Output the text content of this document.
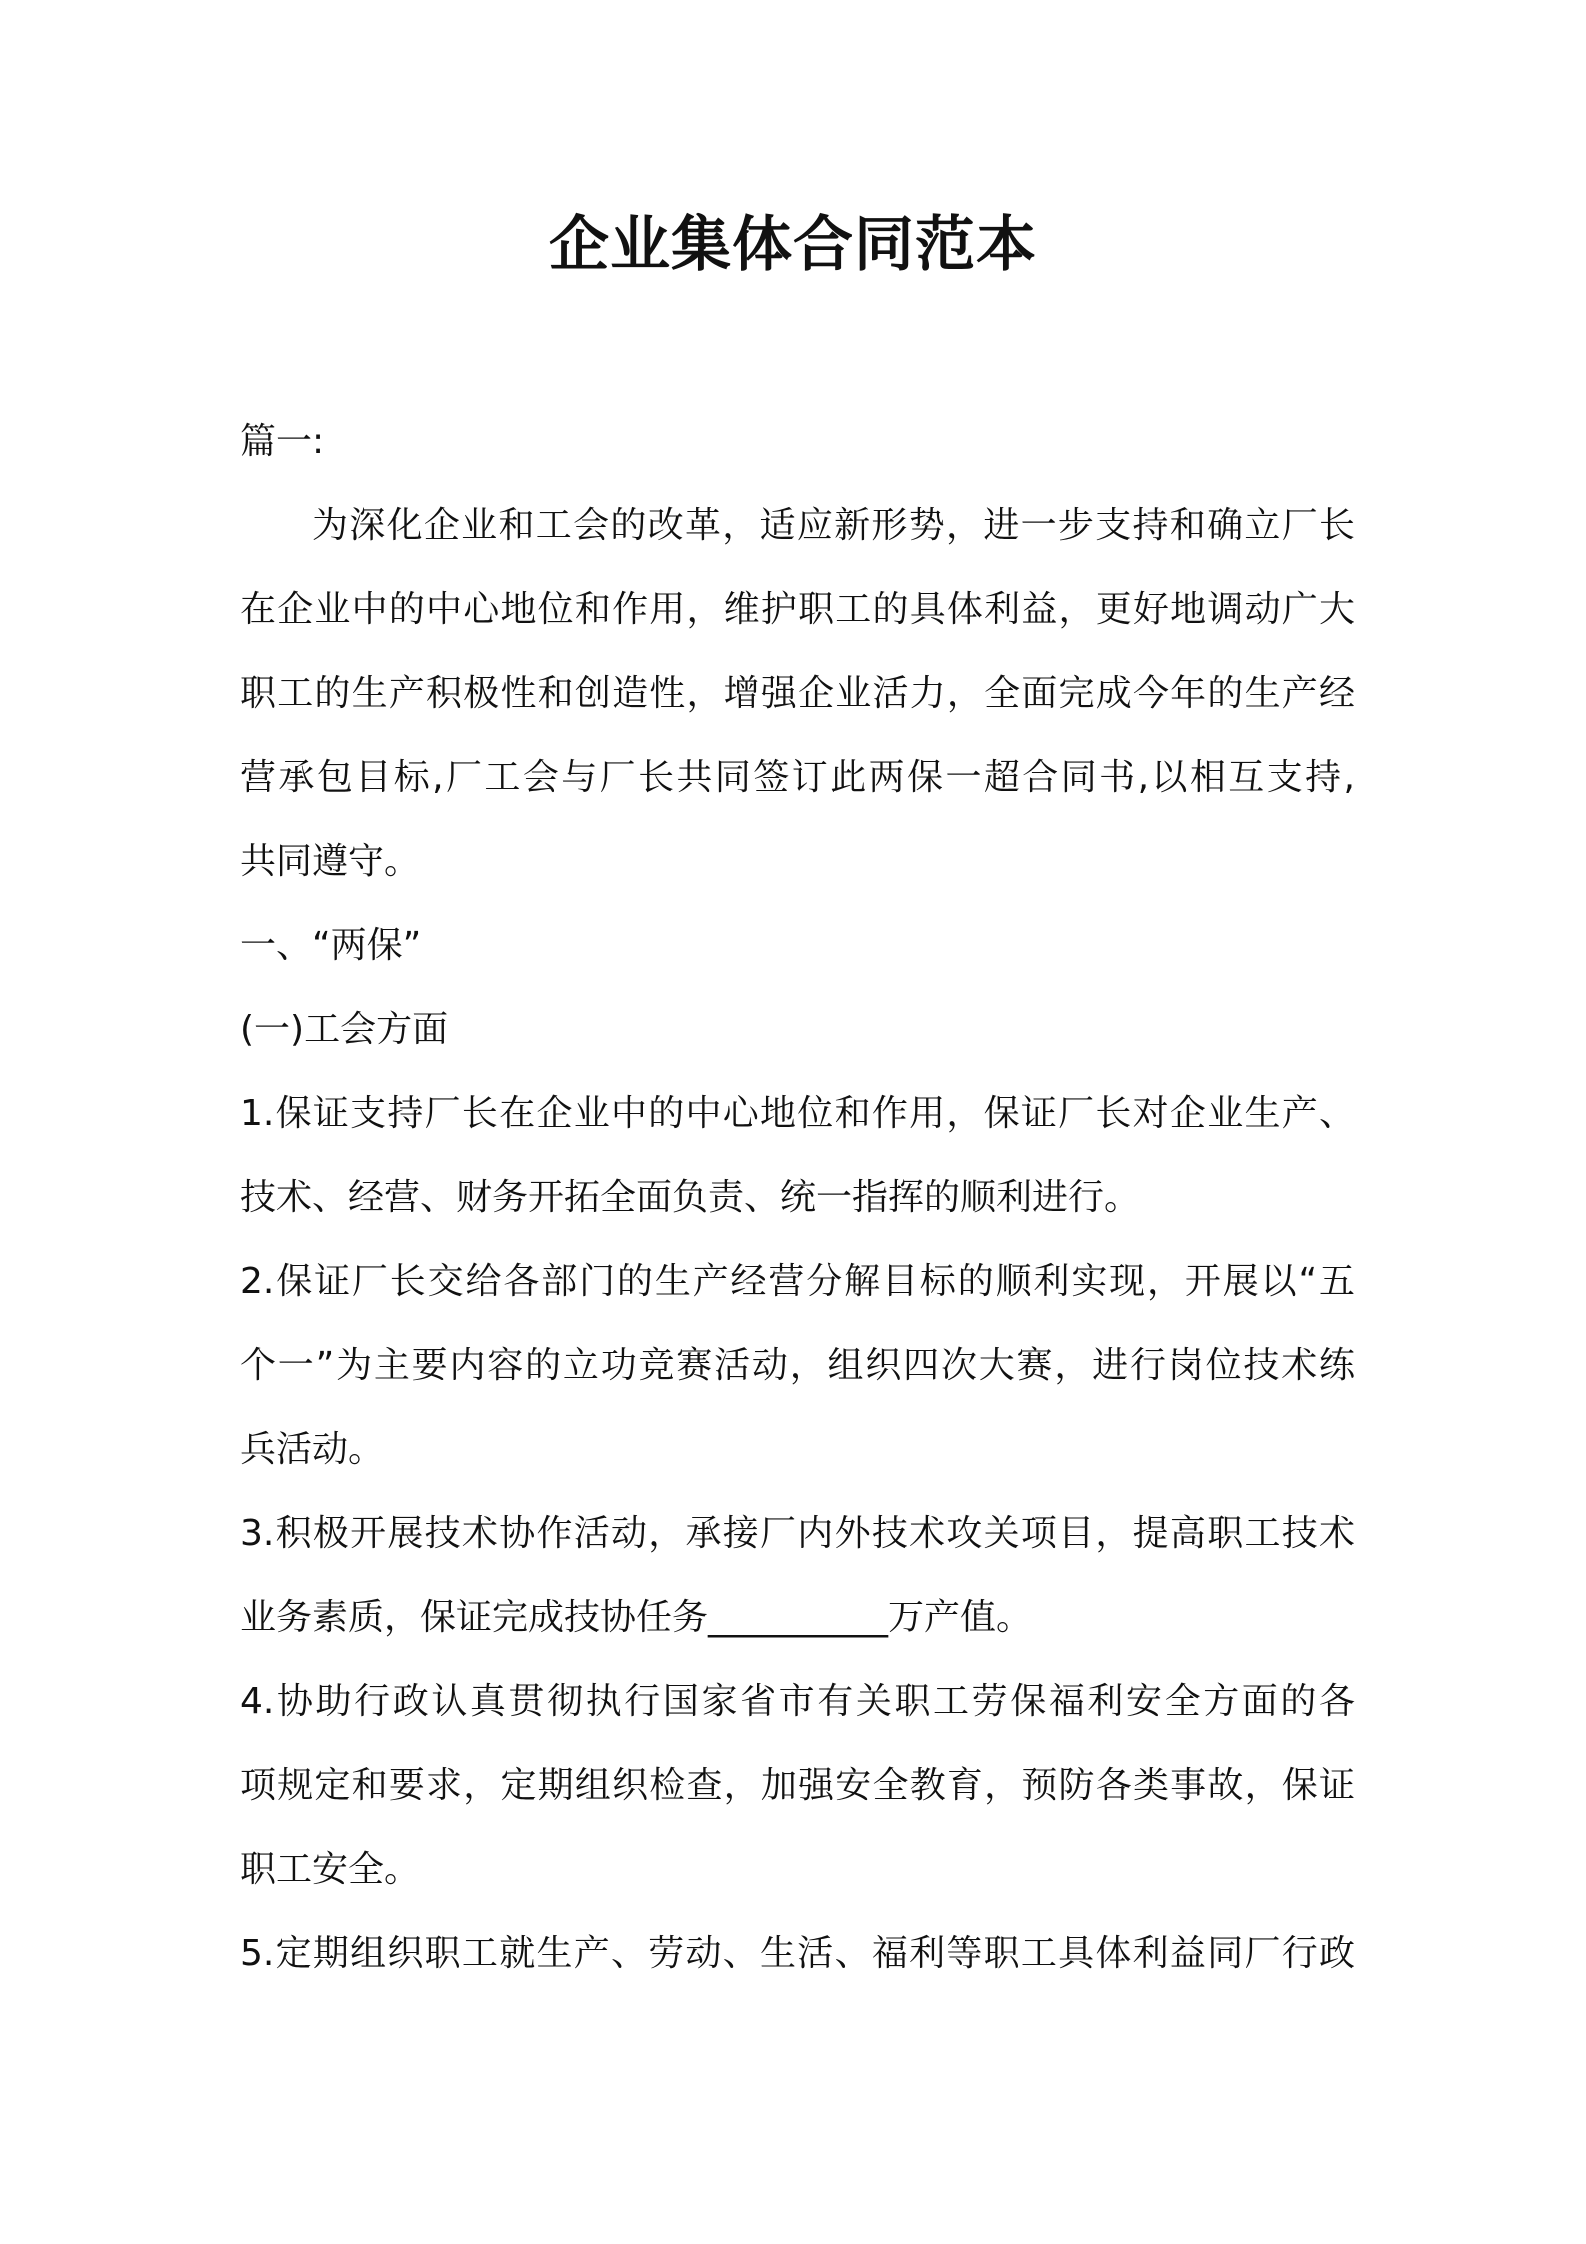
企业集体合同范本
篇一:
为深化企业和工会的改革，适应新形势，进一步支持和确立厂长
在企业中的中心地位和作用，维护职工的具体利益，更好地调动广大
职工的生产积极性和创造性，增强企业活力，全面完成今年的生产经
营承包目标,厂工会与厂长共同签订此两保一超合同书,以相互支持,
共同遵守。
一、“两保”
(一)工会方面
1.保证支持厂长在企业中的中心地位和作用，保证厂长对企业生产、
技术、经营、财务开拓全面负责、统一指挥的顺利进行。
2.保证厂长交给各部门的生产经营分解目标的顺利实现，开展以“五
个一”为主要内容的立功竞赛活动，组织四次大赛，进行岗位技术练
兵活动。
3.积极开展技术协作活动，承接厂内外技术攻关项目，提高职工技术
业务素质，保证完成技协任务__________万产值。
4.协助行政认真贯彻执行国家省市有关职工劳保福利安全方面的各
项规定和要求，定期组织检查，加强安全教育，预防各类事故，保证
职工安全。
5.定期组织职工就生产、劳动、生活、福利等职工具体利益同厂行政
